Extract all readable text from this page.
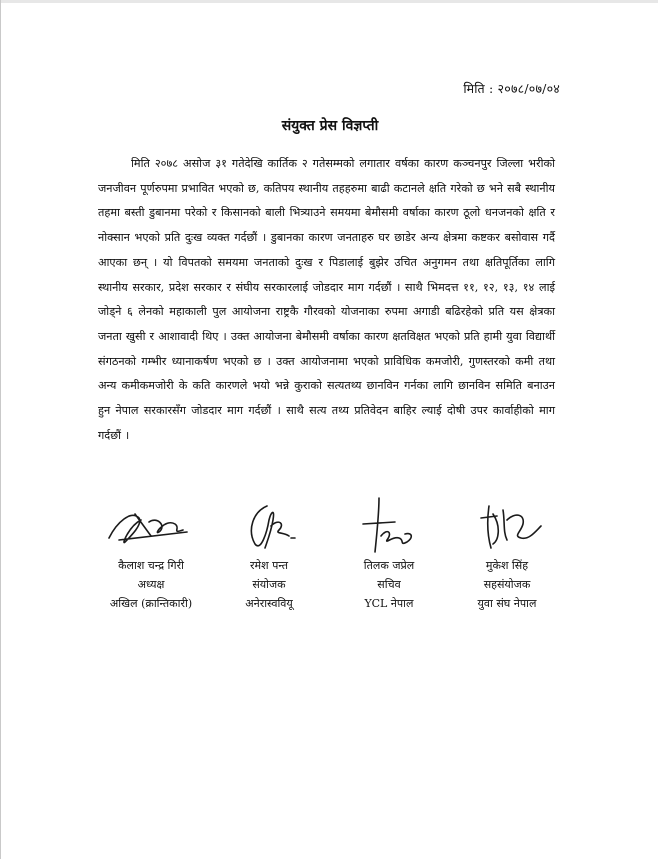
मिति : २०७८/०७/०४
संयुक्त प्रेस विज्ञप्ती

मिति २०७८ असोज ३१ गतेदेखि कार्तिक २ गतेसम्मको लगातार वर्षका कारण कञ्चनपुर जिल्ला भरीको जनजीवन पूर्णरुपमा प्रभावित भएको छ, कतिपय स्थानीय तहहरुमा बाढी कटानले क्षति गरेको छ भने सबै स्थानीय तहमा बस्ती डुबानमा परेको र किसानको बाली भित्र्याउने समयमा बेमौसमी वर्षाका कारण ठूलो धनजनको क्षति र नोक्सान भएको प्रति दुःख व्यक्त गर्दछौं । डुबानका कारण जनताहरु घर छाडेर अन्य क्षेत्रमा कष्टकर बसोवास गर्दै आएका छन् । यो विपतको समयमा जनताको दुःख र पिडालाई बुझेर उचित अनुगमन तथा क्षतिपूर्तिका लागि स्थानीय सरकार, प्रदेश सरकार र संघीय सरकारलाई जोडदार माग गर्दछौं । साथै भिमदत्त ११, १२, १३, १४ लाई जोड्ने ६ लेनको महाकाली पुल आयोजना राष्ट्रकै गौरवको योजनाका रुपमा अगाडी बढिरहेको प्रति यस क्षेत्रका जनता खुसी र आशावादी थिए । उक्त आयोजना बेमौसमी वर्षाका कारण क्षतविक्षत भएको प्रति हामी युवा विद्यार्थी संगठनको गम्भीर ध्यानाकर्षण भएको छ । उक्त आयोजनामा भएको प्राविधिक कमजोरी, गुणस्तरको कमी तथा अन्य कमीकमजोरी के कति कारणले भयो भन्ने कुराको सत्यतथ्य छानविन गर्नका लागि छानविन समिति बनाउन हुन नेपाल सरकारसँग जोडदार माग गर्दछौं । साथै सत्य तथ्य प्रतिवेदन बाहिर ल्याई दोषी उपर कार्वाहीको माग गर्दछौं ।

कैलाश चन्द्र गिरी
अध्यक्ष
अखिल (क्रान्तिकारी)
रमेश पन्त
संयोजक
अनेरास्ववियू
तिलक जप्रेल
सचिव
YCL नेपाल
मुकेश सिंह
सहसंयोजक
युवा संघ नेपाल
